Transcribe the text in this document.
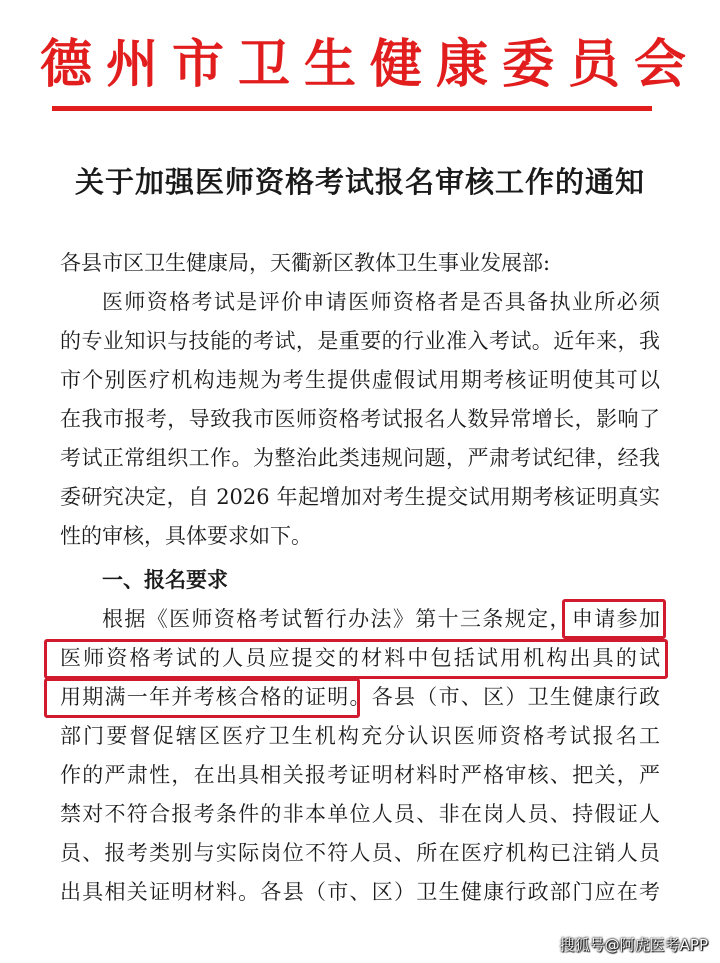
德州市卫生健康委员会
关于加强医师资格考试报名审核工作的通知
各县市区卫生健康局，天衢新区教体卫生事业发展部:
医师资格考试是评价申请医师资格者是否具备执业所必须
的专业知识与技能的考试，是重要的行业准入考试。近年来，我
市个别医疗机构违规为考生提供虚假试用期考核证明使其可以
在我市报考，导致我市医师资格考试报名人数异常增长，影响了
考试正常组织工作。为整治此类违规问题，严肃考试纪律，经我
委研究决定，自 2026 年起增加对考生提交试用期考核证明真实
性的审核，具体要求如下。
一、报名要求
根据《医师资格考试暂行办法》第十三条规定，申请参加
医师资格考试的人员应提交的材料中包括试用机构出具的试
用期满一年并考核合格的证明。各县（市、区）卫生健康行政
部门要督促辖区医疗卫生机构充分认识医师资格考试报名工
作的严肃性，在出具相关报考证明材料时严格审核、把关，严
禁对不符合报考条件的非本单位人员、非在岗人员、持假证人
员、报考类别与实际岗位不符人员、所在医疗机构已注销人员
出具相关证明材料。各县（市、区）卫生健康行政部门应在考
搜狐号@阿虎医考APP
